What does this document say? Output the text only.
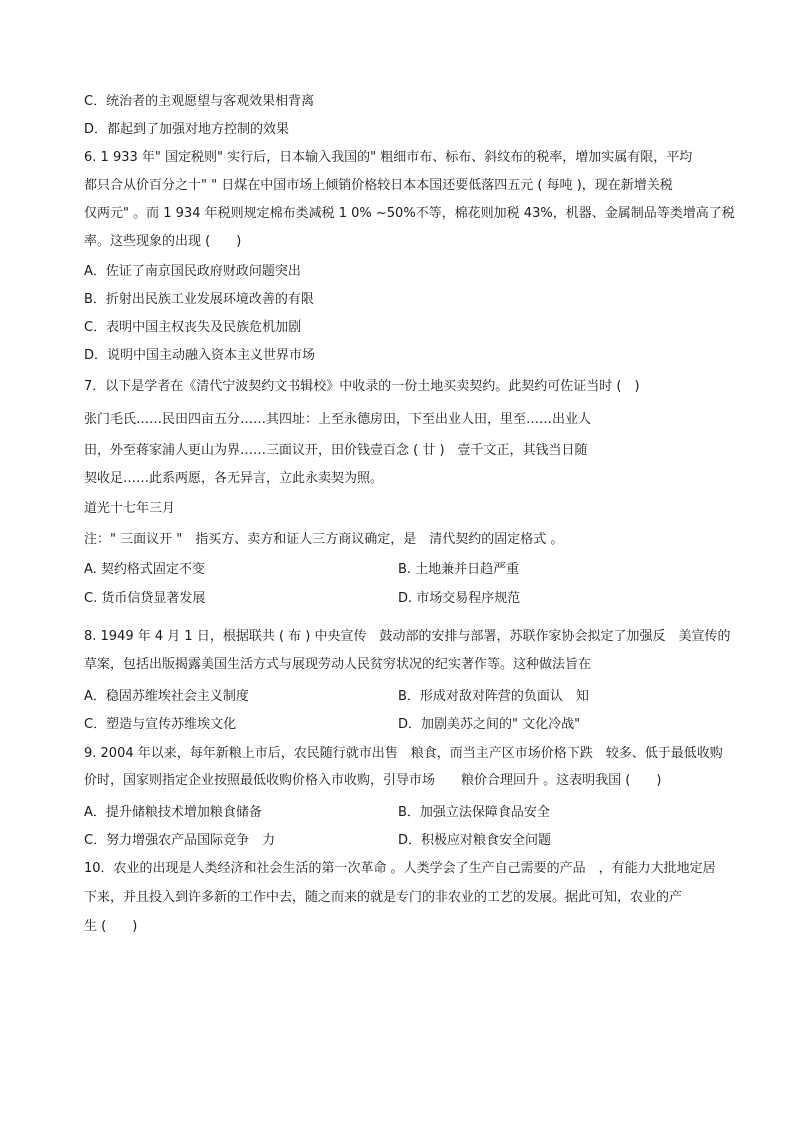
C．统治者的主观愿望与客观效果相背离
D．都起到了加强对地方控制的效果
6. 1 933 年" 国定税则" 实行后，日本输入我国的" 粗细市布、标布、斜纹布的税率，增加实属有限，平均
都只合从价百分之十" " 日煤在中国市场上倾销价格较日本本国还要低落四五元 ( 每吨 )，现在新增关税
仅两元" 。而 1 934 年税则规定棉布类减税 1 0% ~50%不等，棉花则加税 43%，机器、金属制品等类增高了税
率。这些现象的出现 (　　)
A．佐证了南京国民政府财政问题突出
B．折射出民族工业发展环境改善的有限
C．表明中国主权丧失及民族危机加剧
D．说明中国主动融入资本主义世界市场
7．以下是学者在《清代宁波契约文书辑校》中收录的一份土地买卖契约。此契约可佐证当时 (　)
张门毛氏……民田四亩五分……其四址：上至永德房田，下至出业人田，里至……出业人
田，外至蒋家浦人更山为界……三面议开，田价钱壹百念 ( 廿 )　壹千文正，其钱当日随
契收足……此系两愿，各无异言，立此永卖契为照。
道光十七年三月
注：" 三面议开 "　指买方、卖方和证人三方商议确定，是　清代契约的固定格式 。
A. 契约格式固定不变	B. 土地兼并日趋严重
C. 货币信贷显著发展	D. 市场交易程序规范
8. 1949 年 4 月 1 日，根据联共 ( 布 ) 中央宣传　鼓动部的安排与部署，苏联作家协会拟定了加强反　美宣传的
草案，包括出版揭露美国生活方式与展现劳动人民贫穷状况的纪实著作等。这种做法旨在
A．稳固苏维埃社会主义制度	B．形成对敌对阵营的负面认　知
C．塑造与宣传苏维埃文化	D．加剧美苏之间的" 文化冷战"
9. 2004 年以来，每年新粮上市后，农民随行就市出售　粮食，而当主产区市场价格下跌　较多、低于最低收购
价时，国家则指定企业按照最低收购价格入市收购，引导市场　　粮价合理回升 。这表明我国 (　　)
A．提升储粮技术增加粮食储备	B．加强立法保障食品安全
C．努力增强农产品国际竞争　力	D．积极应对粮食安全问题
10．农业的出现是人类经济和社会生活的第一次革命 。人类学会了生产自己需要的产品　，有能力大批地定居
下来，并且投入到许多新的工作中去，随之而来的就是专门的非农业的工艺的发展。据此可知，农业的产
生 (　　)
